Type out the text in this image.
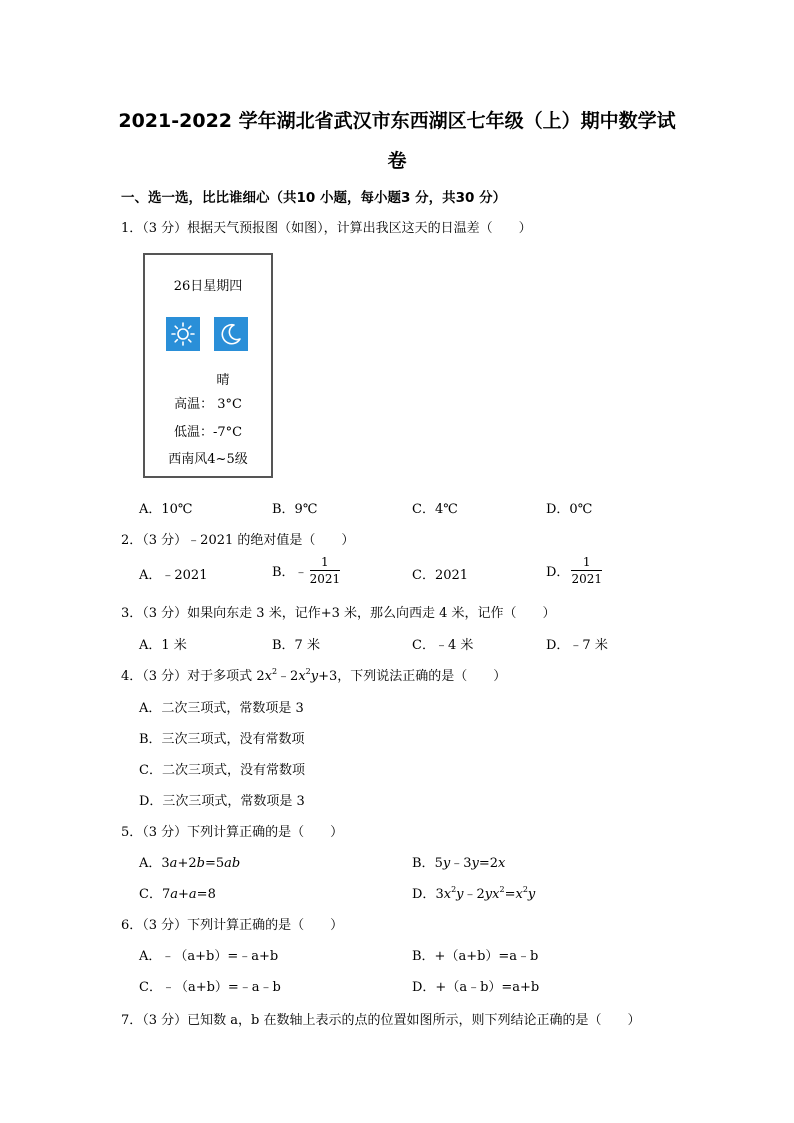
2021-2022 学年湖北省武汉市东西湖区七年级（上）期中数学试
卷
一、选一选，比比谁细心（共10 小题，每小题3 分，共30 分）
1．（3 分）根据天气预报图（如图），计算出我区这天的日温差（　　）
26日星期四
晴
高温： 3°C
低温：-7°C
西南风4~5级
A．10℃	B．9℃	C．4℃	D．0℃
2．（3 分）﹣2021 的绝对值是（　　）
A．﹣2021	B．﹣ $\frac{1}{2021}$	C．2021	D． $\frac{1}{2021}$
3．（3 分）如果向东走 3 米，记作+3 米，那么向西走 4 米，记作（　　）
A．1 米	B．7 米	C．﹣4 米	D．﹣7 米
4．（3 分）对于多项式 $2x^2﹣2x^2y+3$，下列说法正确的是（　　）
A．二次三项式，常数项是 3
B．三次三项式，没有常数项
C．二次三项式，没有常数项
D．三次三项式，常数项是 3
5．（3 分）下列计算正确的是（　　）
A．3a+2b=5ab	B．5y﹣3y=2x
C．7a+a=8	D．$3x^2y﹣2yx^2=x^2y$
6．（3 分）下列计算正确的是（　　）
A．﹣（a+b）=﹣a+b	B．+（a+b）=a﹣b
C．﹣（a+b）=﹣a﹣b	D．+（a﹣b）=a+b
7．（3 分）已知数 a，b 在数轴上表示的点的位置如图所示，则下列结论正确的是（　　）
